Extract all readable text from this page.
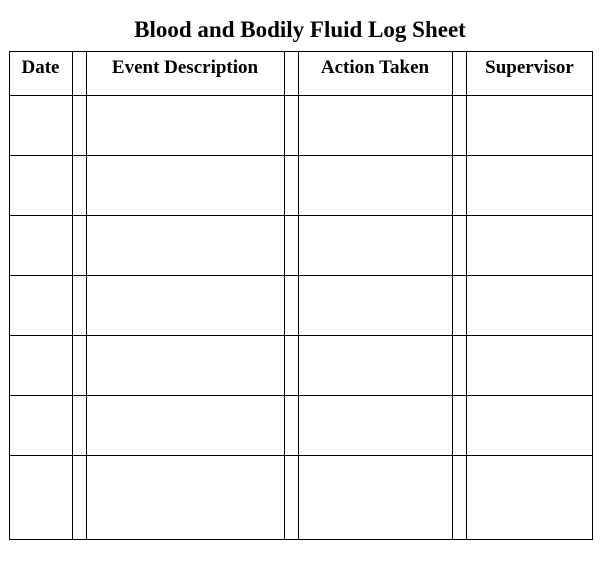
Blood and Bodily Fluid Log Sheet
Date	Event Description	Action Taken	Supervisor
